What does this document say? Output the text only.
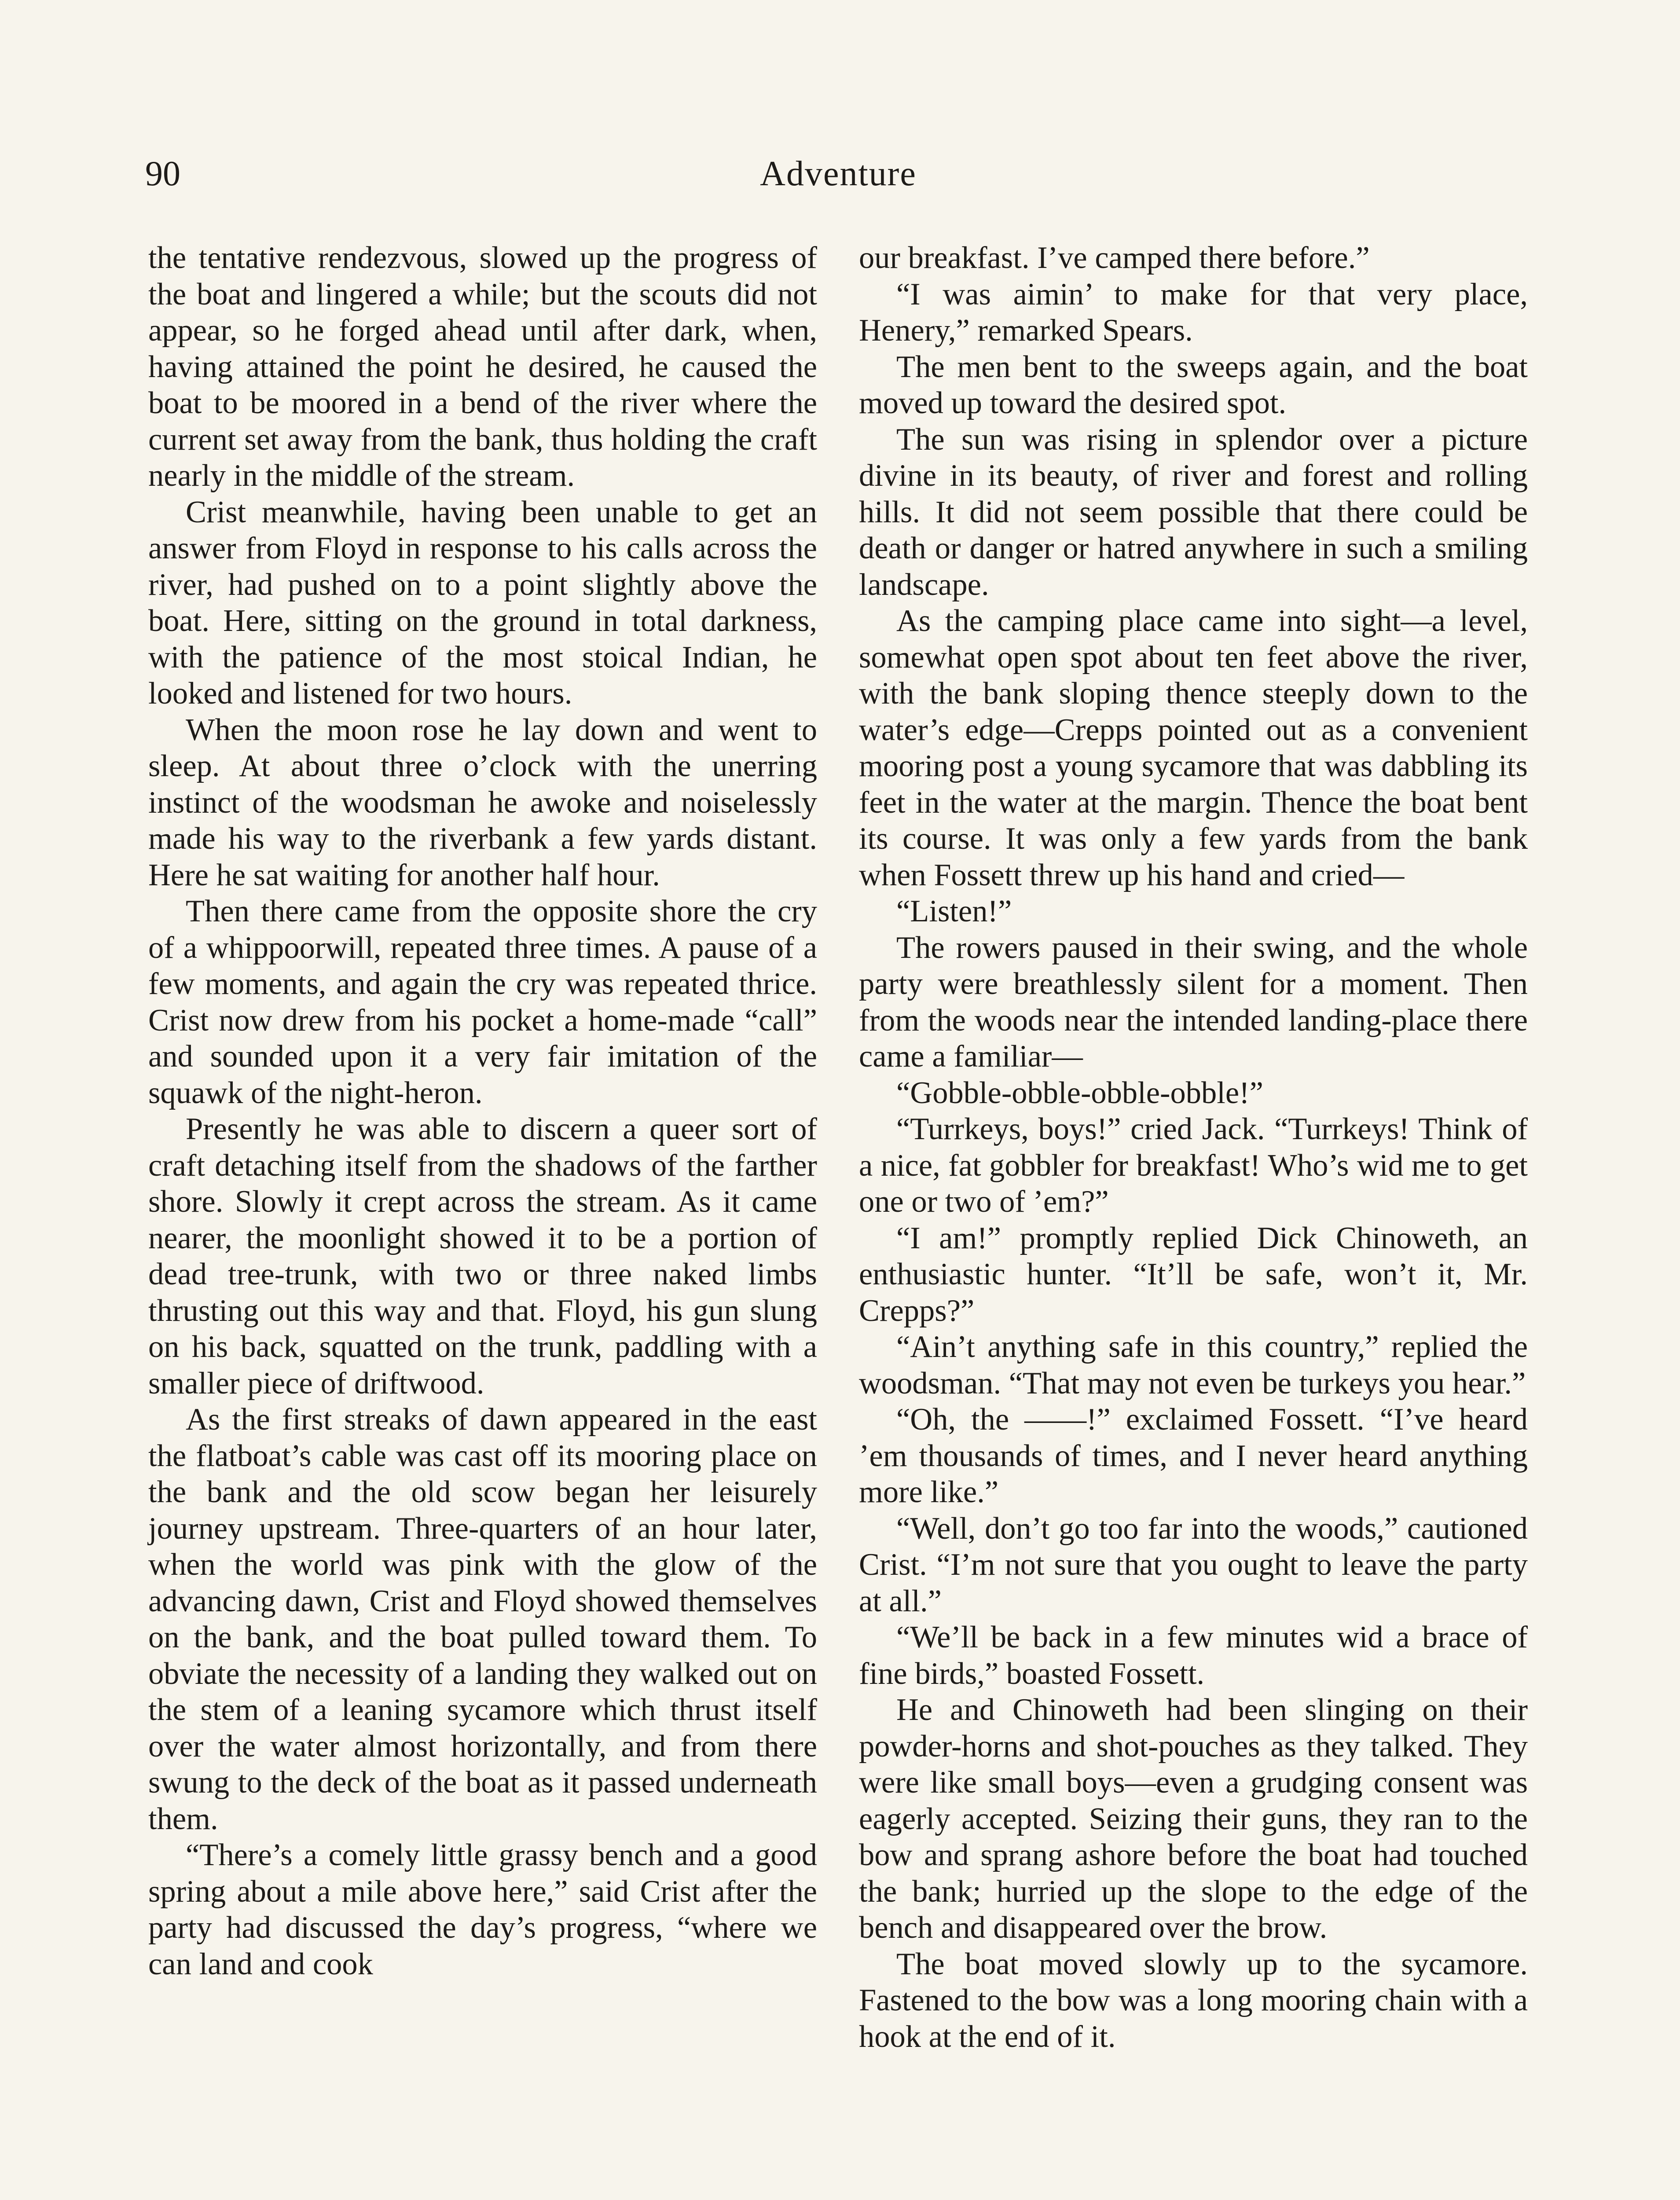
90	Adventure

the tentative rendezvous, slowed up the progress of the boat and lingered a while; but the scouts did not appear, so he forged ahead until after dark, when, having attained the point he desired, he caused the boat to be moored in a bend of the river where the current set away from the bank, thus holding the craft nearly in the middle of the stream.

Crist meanwhile, having been unable to get an answer from Floyd in response to his calls across the river, had pushed on to a point slightly above the boat. Here, sitting on the ground in total darkness, with the patience of the most stoical Indian, he looked and listened for two hours.

When the moon rose he lay down and went to sleep. At about three o’clock with the unerring instinct of the woodsman he awoke and noiselessly made his way to the riverbank a few yards distant. Here he sat waiting for another half hour.

Then there came from the opposite shore the cry of a whippoorwill, repeated three times. A pause of a few moments, and again the cry was repeated thrice. Crist now drew from his pocket a home-made “call” and sounded upon it a very fair imitation of the squawk of the night-heron.

Presently he was able to discern a queer sort of craft detaching itself from the shadows of the farther shore. Slowly it crept across the stream. As it came nearer, the moonlight showed it to be a portion of dead tree-trunk, with two or three naked limbs thrusting out this way and that. Floyd, his gun slung on his back, squatted on the trunk, paddling with a smaller piece of driftwood.

As the first streaks of dawn appeared in the east the flatboat’s cable was cast off its mooring place on the bank and the old scow began her leisurely journey upstream. Three-quarters of an hour later, when the world was pink with the glow of the advancing dawn, Crist and Floyd showed themselves on the bank, and the boat pulled toward them. To obviate the necessity of a landing they walked out on the stem of a leaning sycamore which thrust itself over the water almost horizontally, and from there swung to the deck of the boat as it passed underneath them.

“There’s a comely little grassy bench and a good spring about a mile above here,” said Crist after the party had discussed the day’s progress, “where we can land and cook

our breakfast. I’ve camped there before.”

“I was aimin’ to make for that very place, Henery,” remarked Spears.

The men bent to the sweeps again, and the boat moved up toward the desired spot.

The sun was rising in splendor over a picture divine in its beauty, of river and forest and rolling hills. It did not seem possible that there could be death or danger or hatred anywhere in such a smiling landscape.

As the camping place came into sight—a level, somewhat open spot about ten feet above the river, with the bank sloping thence steeply down to the water’s edge—Crepps pointed out as a convenient mooring post a young sycamore that was dabbling its feet in the water at the margin. Thence the boat bent its course. It was only a few yards from the bank when Fossett threw up his hand and cried—

“Listen!”

The rowers paused in their swing, and the whole party were breathlessly silent for a moment. Then from the woods near the intended landing-place there came a familiar—

“Gobble-obble-obble-obble!”

“Turrkeys, boys!” cried Jack. “Turrkeys! Think of a nice, fat gobbler for breakfast! Who’s wid me to get one or two of ’em?”

“I am!” promptly replied Dick Chinoweth, an enthusiastic hunter. “It’ll be safe, won’t it, Mr. Crepps?”

“Ain’t anything safe in this country,” replied the woodsman. “That may not even be turkeys you hear.”

“Oh, the ——!” exclaimed Fossett. “I’ve heard ’em thousands of times, and I never heard anything more like.”

“Well, don’t go too far into the woods,” cautioned Crist. “I’m not sure that you ought to leave the party at all.”

“We’ll be back in a few minutes wid a brace of fine birds,” boasted Fossett.

He and Chinoweth had been slinging on their powder-horns and shot-pouches as they talked. They were like small boys—even a grudging consent was eagerly accepted. Seizing their guns, they ran to the bow and sprang ashore before the boat had touched the bank; hurried up the slope to the edge of the bench and disappeared over the brow.

The boat moved slowly up to the sycamore. Fastened to the bow was a long mooring chain with a hook at the end of it.
